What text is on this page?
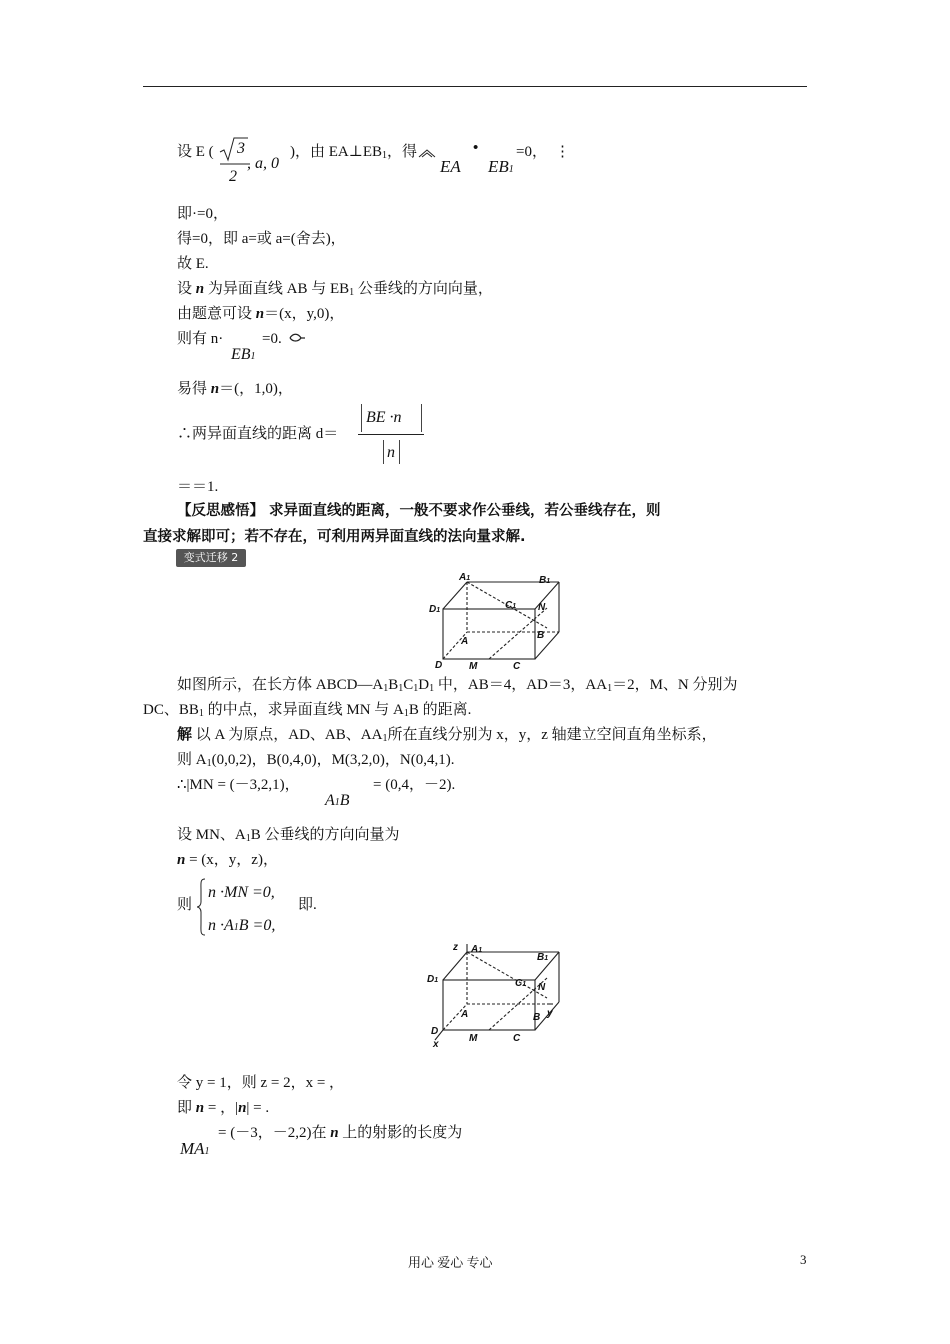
设 E ( 3
2
, a, 0
)，由 $EA\perp EB_1$，得
EA
•
EB1
=0， ⋮
即·=0，
得=0，即 a=或 a=(舍去)，
故 E.
设 n 为异面直线 AB 与 $EB_1$ 公垂线的方向向量，
由题意可设 n＝(x，y,0)，
则有 n·	=0.
EB1
易得 n＝(，1,0)，
∴两异面直线的距离 d＝
BE ·n
n
＝＝1.
【反思感悟】 求异面直线的距离，一般不要求作公垂线，若公垂线存在，则
直接求解即可；若不存在，可利用两异面直线的法向量求解.
变式迁移 2
A1	B1
D1	C1 N
A
B
D	M	C
如图所示，在长方体 $ABCD—A_1B_1C_1D_1$ 中，AB＝4，AD＝3，$AA_1=2$，M、N 分别为
DC、$BB_1$ 的中点，求异面直线 MN 与 $A_1B$ 的距离.
解 以 A 为原点，AD、AB、$AA_1$所在直线分别为 x，y，z 轴建立空间直角坐标系，
则 $A_1(0,0,2)$，B(0,4,0)，M(3,2,0)，N(0,4,1).
∴|MN = (－3,2,1)，	= (0,4，－2).
A1B
设 MN、$A_1B$ 公垂线的方向向量为
n = (x，y，z)，
则
n ·MN =0,
n ·A1B =0,
即.
z A1
B1
D1	C1 N
A	B y
D
x
M	C
令 y = 1，则 z = 2，x = ，
即 n = ，|n| = .
= (－3，－2,2)在 n 上的射影的长度为
MA1
用心 爱心 专心	3
